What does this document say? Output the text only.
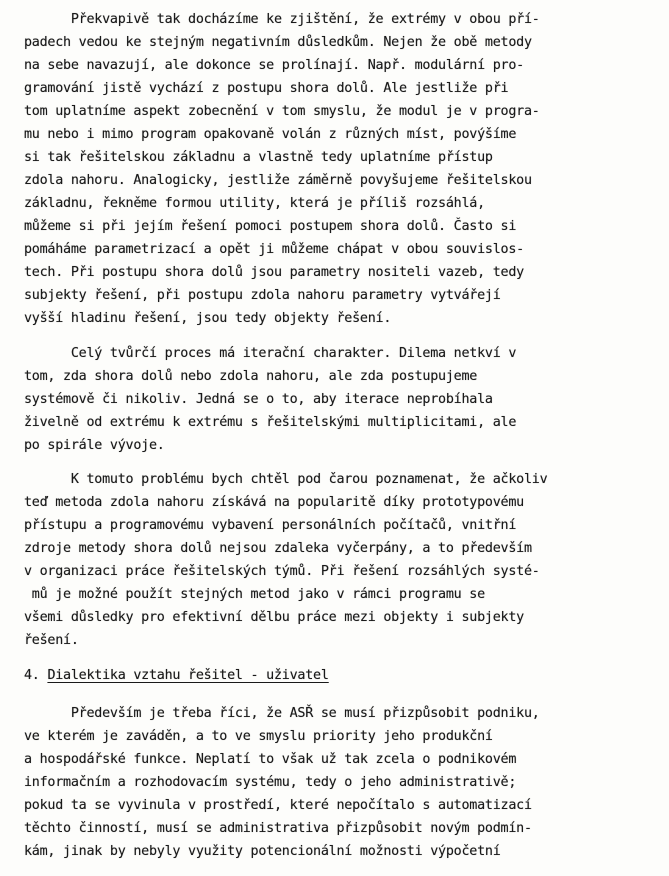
Překvapivě tak docházíme ke zjištění, že extrémy v obou pří-
padech vedou ke stejným negativním důsledkům. Nejen že obě metody
na sebe navazují, ale dokonce se prolínají. Např. modulární pro-
gramování jistě vychází z postupu shora dolů. Ale jestliže při
tom uplatníme aspekt zobecnění v tom smyslu, že modul je v progra-
mu nebo i mimo program opakovaně volán z různých míst, povýšíme
si tak řešitelskou základnu a vlastně tedy uplatníme přístup
zdola nahoru. Analogicky, jestliže záměrně povyšujeme řešitelskou
základnu, řekněme formou utility, která je příliš rozsáhlá,
můžeme si při jejím řešení pomoci postupem shora dolů. Často si
pomáháme parametrizací a opět ji můžeme chápat v obou souvislos-
tech. Při postupu shora dolů jsou parametry nositeli vazeb, tedy
subjekty řešení, při postupu zdola nahoru parametry vytvářejí
vyšší hladinu řešení, jsou tedy objekty řešení.
Celý tvůrčí proces má iterační charakter. Dilema netkví v
tom, zda shora dolů nebo zdola nahoru, ale zda postupujeme
systémově či nikoliv. Jedná se o to, aby iterace neprobíhala
živelně od extrému k extrému s řešitelskými multiplicitami, ale
po spirále vývoje.
K tomuto problému bych chtěl pod čarou poznamenat, že ačkoliv
teď metoda zdola nahoru získává na popularitě díky prototypovému
přístupu a programovému vybavení personálních počítačů, vnitřní
zdroje metody shora dolů nejsou zdaleka vyčerpány, a to především
v organizaci práce řešitelských týmů. Při řešení rozsáhlých systé-
mů je možné použít stejných metod jako v rámci programu se
všemi důsledky pro efektivní dělbu práce mezi objekty i subjekty
řešení.
4. Dialektika vztahu řešitel - uživatel
Především je třeba říci, že ASŘ se musí přizpůsobit podniku,
ve kterém je zaváděn, a to ve smyslu priority jeho produkční
a hospodářské funkce. Neplatí to však už tak zcela o podnikovém
informačním a rozhodovacím systému, tedy o jeho administrativě;
pokud ta se vyvinula v prostředí, které nepočítalo s automatizací
těchto činností, musí se administrativa přizpůsobit novým podmín-
kám, jinak by nebyly využity potencionální možnosti výpočetní
